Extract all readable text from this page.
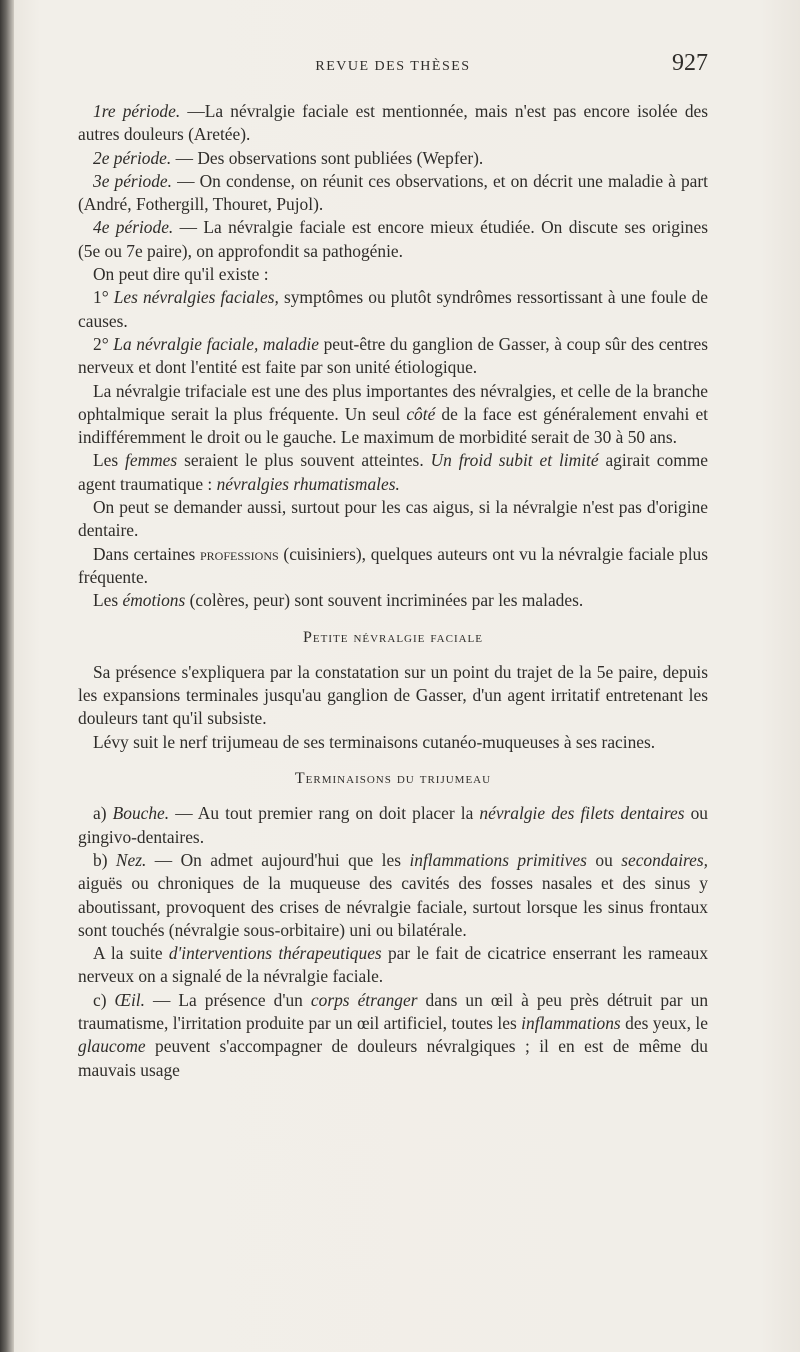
REVUE DES THÈSES	927

1re période. —La névralgie faciale est mentionnée, mais n'est pas encore isolée des autres douleurs (Aretée).

2e période. — Des observations sont publiées (Wepfer).

3e période. — On condense, on réunit ces observations, et on décrit une maladie à part (André, Fothergill, Thouret, Pujol).

4e période. — La névralgie faciale est encore mieux étudiée. On discute ses origines (5e ou 7e paire), on approfondit sa pathogénie.

On peut dire qu'il existe :

1° Les névralgies faciales, symptômes ou plutôt syndrômes ressortissant à une foule de causes.

2° La névralgie faciale, maladie peut-être du ganglion de Gasser, à coup sûr des centres nerveux et dont l'entité est faite par son unité étiologique.

La névralgie trifaciale est une des plus importantes des névralgies, et celle de la branche ophtalmique serait la plus fréquente. Un seul côté de la face est généralement envahi et indifféremment le droit ou le gauche. Le maximum de morbidité serait de 30 à 50 ans.

Les femmes seraient le plus souvent atteintes. Un froid subit et limité agirait comme agent traumatique : névralgies rhumatismales.

On peut se demander aussi, surtout pour les cas aigus, si la névralgie n'est pas d'origine dentaire.

Dans certaines professions (cuisiniers), quelques auteurs ont vu la névralgie faciale plus fréquente.

Les émotions (colères, peur) sont souvent incriminées par les malades.

Petite névralgie faciale

Sa présence s'expliquera par la constatation sur un point du trajet de la 5e paire, depuis les expansions terminales jusqu'au ganglion de Gasser, d'un agent irritatif entretenant les douleurs tant qu'il subsiste.

Lévy suit le nerf trijumeau de ses terminaisons cutanéo-muqueuses à ses racines.

Terminaisons du trijumeau

a) Bouche. — Au tout premier rang on doit placer la névralgie des filets dentaires ou gingivo-dentaires.

b) Nez. — On admet aujourd'hui que les inflammations primitives ou secondaires, aiguës ou chroniques de la muqueuse des cavités des fosses nasales et des sinus y aboutissant, provoquent des crises de névralgie faciale, surtout lorsque les sinus frontaux sont touchés (névralgie sous-orbitaire) uni ou bilatérale.

A la suite d'interventions thérapeutiques par le fait de cicatrice enserrant les rameaux nerveux on a signalé de la névralgie faciale.

c) Œil. — La présence d'un corps étranger dans un œil à peu près détruit par un traumatisme, l'irritation produite par un œil artificiel, toutes les inflammations des yeux, le glaucome peuvent s'accompagner de douleurs névralgiques ; il en est de même du mauvais usage
